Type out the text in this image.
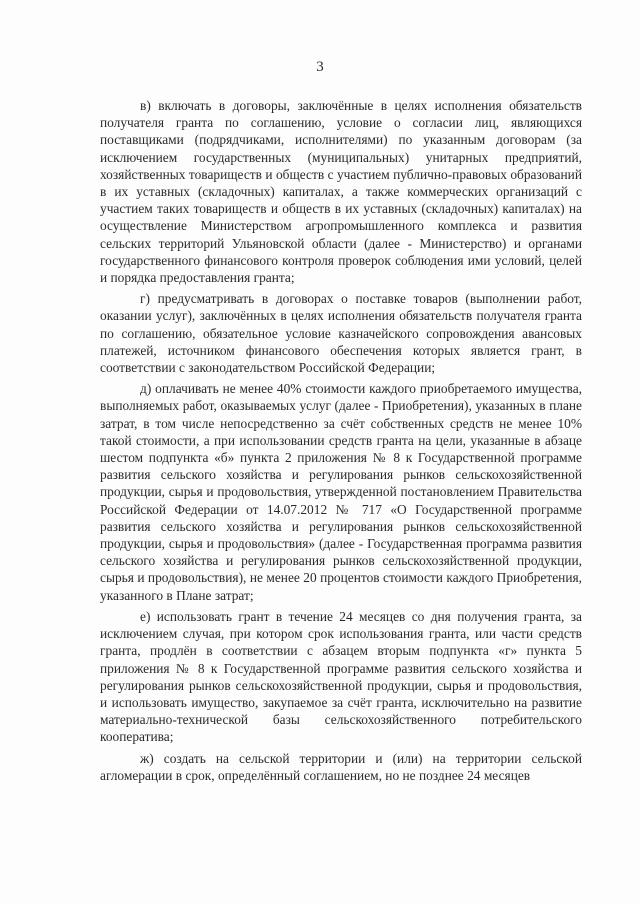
3

в) включать в договоры, заключённые в целях исполнения обязательств получателя гранта по соглашению, условие о согласии лиц, являющихся поставщиками (подрядчиками, исполнителями) по указанным договорам (за исключением государственных (муниципальных) унитарных предприятий, хозяйственных товариществ и обществ с участием публично-правовых образований в их уставных (складочных) капиталах, а также коммерческих организаций с участием таких товариществ и обществ в их уставных (складочных) капиталах) на осуществление Министерством агропромышленного комплекса и развития сельских территорий Ульяновской области (далее - Министерство) и органами государственного финансового контроля проверок соблюдения ими условий, целей и порядка предоставления гранта;

г) предусматривать в договорах о поставке товаров (выполнении работ, оказании услуг), заключённых в целях исполнения обязательств получателя гранта по соглашению, обязательное условие казначейского сопровождения авансовых платежей, источником финансового обеспечения которых является грант, в соответствии с законодательством Российской Федерации;

д) оплачивать не менее 40% стоимости каждого приобретаемого имущества, выполняемых работ, оказываемых услуг (далее - Приобретения), указанных в плане затрат, в том числе непосредственно за счёт собственных средств не менее 10% такой стоимости, а при использовании средств гранта на цели, указанные в абзаце шестом подпункта «б» пункта 2 приложения № 8 к Государственной программе развития сельского хозяйства и регулирования рынков сельскохозяйственной продукции, сырья и продовольствия, утвержденной постановлением Правительства Российской Федерации от 14.07.2012 № 717 «О Государственной программе развития сельского хозяйства и регулирования рынков сельскохозяйственной продукции, сырья и продовольствия» (далее - Государственная программа развития сельского хозяйства и регулирования рынков сельскохозяйственной продукции, сырья и продовольствия), не менее 20 процентов стоимости каждого Приобретения, указанного в Плане затрат;

е) использовать грант в течение 24 месяцев со дня получения гранта, за исключением случая, при котором срок использования гранта, или части средств гранта, продлён в соответствии с абзацем вторым подпункта «г» пункта 5 приложения № 8 к Государственной программе развития сельского хозяйства и регулирования рынков сельскохозяйственной продукции, сырья и продовольствия, и использовать имущество, закупаемое за счёт гранта, исключительно на развитие материально-технической базы сельскохозяйственного потребительского кооператива;

ж) создать на сельской территории и (или) на территории сельской агломерации в срок, определённый соглашением, но не позднее 24 месяцев
